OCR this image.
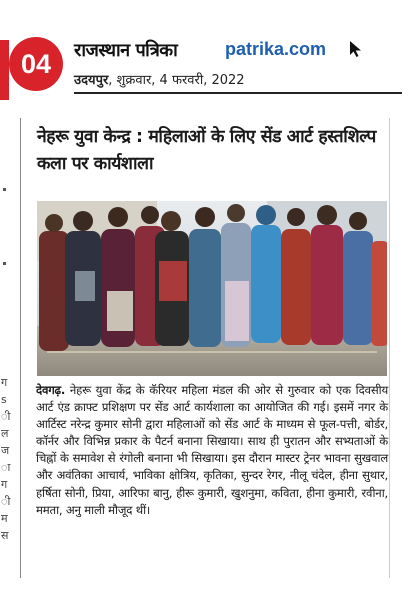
04 राजस्थान पत्रिका	patrika.com
उदयपुर, शुक्रवार, 4 फरवरी, 2022
ग
s
ी
ल
ज
ा
ग
ी
म
स
नेहरू युवा केन्द्र : महिलाओं के लिए सेंड आर्ट हस्तशिल्प कला पर कार्यशाला
देवगढ़. नेहरू युवा केंद्र के कॅरियर महिला मंडल की ओर से गुरुवार को एक दिवसीय आर्ट एंड क्राफ्ट प्रशिक्षण पर सेंड आर्ट कार्यशाला का आयोजित की गई। इसमें नगर के आर्टिस्ट नरेन्द्र कुमार सोनी द्वारा महिलाओं को सेंड आर्ट के माध्यम से फूल-पत्ती, बोर्डर, कॉर्नर और विभिन्न प्रकार के पैटर्न बनाना सिखाया। साथ ही पुरातन और सभ्यताओं के चिह्नों के समावेश से रंगोली बनाना भी सिखाया। इस दौरान मास्टर ट्रेनर भावना सुखवाल और अवंतिका आचार्य, भाविका क्षोत्रिय, कृतिका, सुन्दर रेगर, नीलू चंदेल, हीना सुथार, हर्षिता सोनी, प्रिया, आरिफा बानु, हीरू कुमारी, खुशनुमा, कविता, हीना कुमारी, रवीना, ममता, अनु माली मौजूद थीं।
